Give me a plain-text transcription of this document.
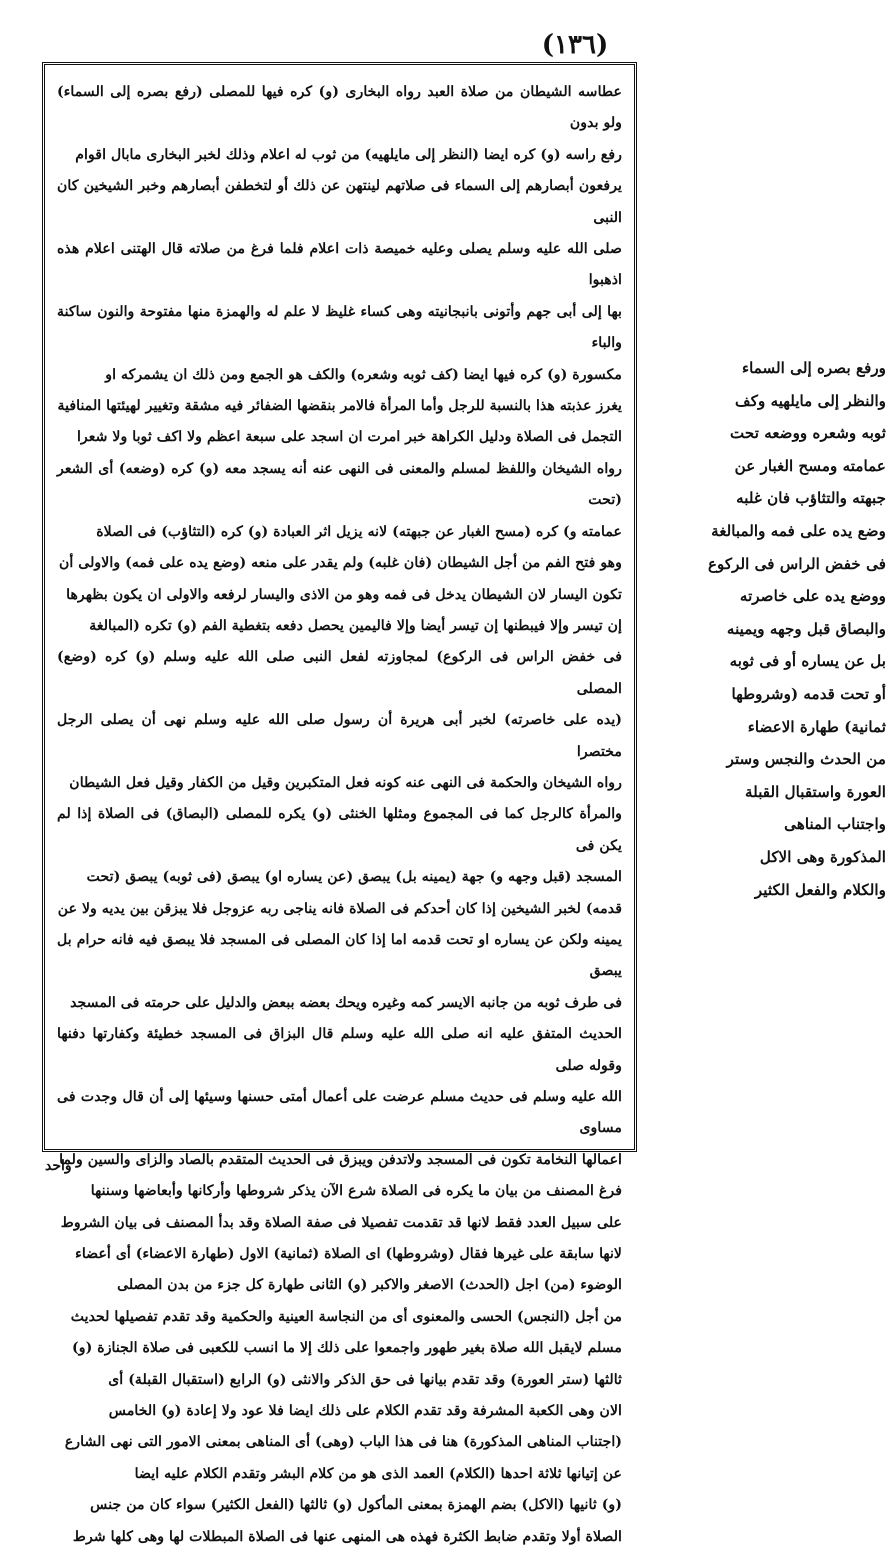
(١٣٦)
عطاسه الشيطان من صلاة العبد رواه البخارى (و) كره فيها للمصلى (رفع بصره إلى السماء) ولو بدون
رفع راسه (و) كره ايضا (النظر إلى مايلهيه) من ثوب له اعلام وذلك لخبر البخارى مابال اقوام
يرفعون أبصارهم إلى السماء فى صلاتهم لينتهن عن ذلك أو لتخطفن أبصارهم وخبر الشيخين كان النبى
صلى الله عليه وسلم يصلى وعليه خميصة ذات اعلام فلما فرغ من صلاته قال الهتنى اعلام هذه اذهبوا
بها إلى أبى جهم وأتونى بانبجانيته وهى كساء غليظ لا علم له والهمزة منها مفتوحة والنون ساكنة والباء
مكسورة (و) كره فيها ايضا (كف ثوبه وشعره) والكف هو الجمع ومن ذلك ان يشمركه او
يغرز عذبته هذا بالنسبة للرجل وأما المرأة فالامر بنقضها الضفائر فيه مشقة وتغيير لهيئتها المنافية
التجمل فى الصلاة ودليل الكراهة خبر امرت ان اسجد على سبعة اعظم ولا اكف ثوبا ولا شعرا
رواه الشيخان واللفظ لمسلم والمعنى فى النهى عنه أنه يسجد معه (و) كره (وضعه) أى الشعر (تحت
عمامته و) كره (مسح الغبار عن جبهته) لانه يزيل اثر العبادة (و) كره (التثاؤب) فى الصلاة
وهو فتح الفم من أجل الشيطان (فان غلبه) ولم يقدر على منعه (وضع يده على فمه) والاولى أن
تكون اليسار لان الشيطان يدخل فى فمه وهو من الاذى واليسار لرفعه والاولى ان يكون بظهرها
إن تيسر وإلا فيبطنها إن تيسر أيضا وإلا فاليمين يحصل دفعه بتغطية الفم (و) تكره (المبالغة
فى خفض الراس فى الركوع) لمجاوزته لفعل النبى صلى الله عليه وسلم (و) كره (وضع) المصلى
(يده على خاصرته) لخبر أبى هريرة أن رسول صلى الله عليه وسلم نهى أن يصلى الرجل مختصرا
رواه الشيخان والحكمة فى النهى عنه كونه فعل المتكبرين وقيل من الكفار وقيل فعل الشيطان
والمرأة كالرجل كما فى المجموع ومثلها الخنثى (و) يكره للمصلى (البصاق) فى الصلاة إذا لم يكن فى
المسجد (قبل وجهه و) جهة (يمينه بل) يبصق (عن يساره او) يبصق (فى ثوبه) يبصق (تحت
قدمه) لخبر الشيخين إذا كان أحدكم فى الصلاة فانه يناجى ربه عزوجل فلا يبزقن بين يديه ولا عن
يمينه ولكن عن يساره او تحت قدمه اما إذا كان المصلى فى المسجد فلا يبصق فيه فانه حرام بل يبصق
فى طرف ثوبه من جانبه الايسر كمه وغيره ويحك بعضه ببعض والدليل على حرمته فى المسجد
الحديث المتفق عليه انه صلى الله عليه وسلم قال البزاق فى المسجد خطيئة وكفارتها دفنها وقوله صلى
الله عليه وسلم فى حديث مسلم عرضت على أعمال أمتى حسنها وسيئها إلى أن قال وجدت فى مساوى
اعمالها النخامة تكون فى المسجد ولاتدفن ويبزق فى الحديث المتقدم بالصاد والزاى والسين ولما
فرغ المصنف من بيان ما يكره فى الصلاة شرع الآن يذكر شروطها وأركانها وأبعاضها وسننها
على سبيل العدد فقط لانها قد تقدمت تفصيلا فى صفة الصلاة وقد بدأ المصنف فى بيان الشروط
لانها سابقة على غيرها فقال (وشروطها) اى الصلاة (ثمانية) الاول (طهارة الاعضاء) أى أعضاء
الوضوء (من) اجل (الحدث) الاصغر والاكبر (و) الثانى طهارة كل جزء من بدن المصلى
من أجل (النجس) الحسى والمعنوى أى من النجاسة العينية والحكمية وقد تقدم تفصيلها لحديث
مسلم لايقبل الله صلاة بغير طهور واجمعوا على ذلك إلا ما انسب للكعبى فى صلاة الجنازة (و)
ثالثها (ستر العورة) وقد تقدم بيانها فى حق الذكر والانثى (و) الرابع (استقبال القبلة) أى
الان وهى الكعبة المشرفة وقد تقدم الكلام على ذلك ايضا فلا عود ولا إعادة (و) الخامس
(اجتناب المناهى المذكورة) هنا فى هذا الباب (وهى) أى المناهى بمعنى الامور التى نهى الشارع
عن إتيانها ثلاثة احدها (الكلام) العمد الذى هو من كلام البشر وتقدم الكلام عليه ايضا
(و) ثانيها (الاكل) بضم الهمزة بمعنى المأكول (و) ثالثها (الفعل الكثير) سواء كان من جنس
الصلاة أولا وتقدم ضابط الكثرة فهذه هى المنهى عنها فى الصلاة المبطلات لها وهى كلها شرط
ورفع بصره إلى السماء
والنظر إلى مايلهيه وكف
ثوبه وشعره ووضعه تحت
عمامته ومسح الغبار عن
جبهته والتثاؤب فان غلبه
وضع يده على فمه والمبالغة
فى خفض الراس فى الركوع
ووضع يده على خاصرته
والبصاق قبل وجهه ويمينه
بل عن يساره أو فى ثوبه
أو تحت قدمه (وشروطها
ثمانية) طهارة الاعضاء
من الحدث والنجس وستر
العورة واستقبال القبلة
واجتناب المناهى
المذكورة وهى الاكل
والكلام والفعل الكثير
واحد
